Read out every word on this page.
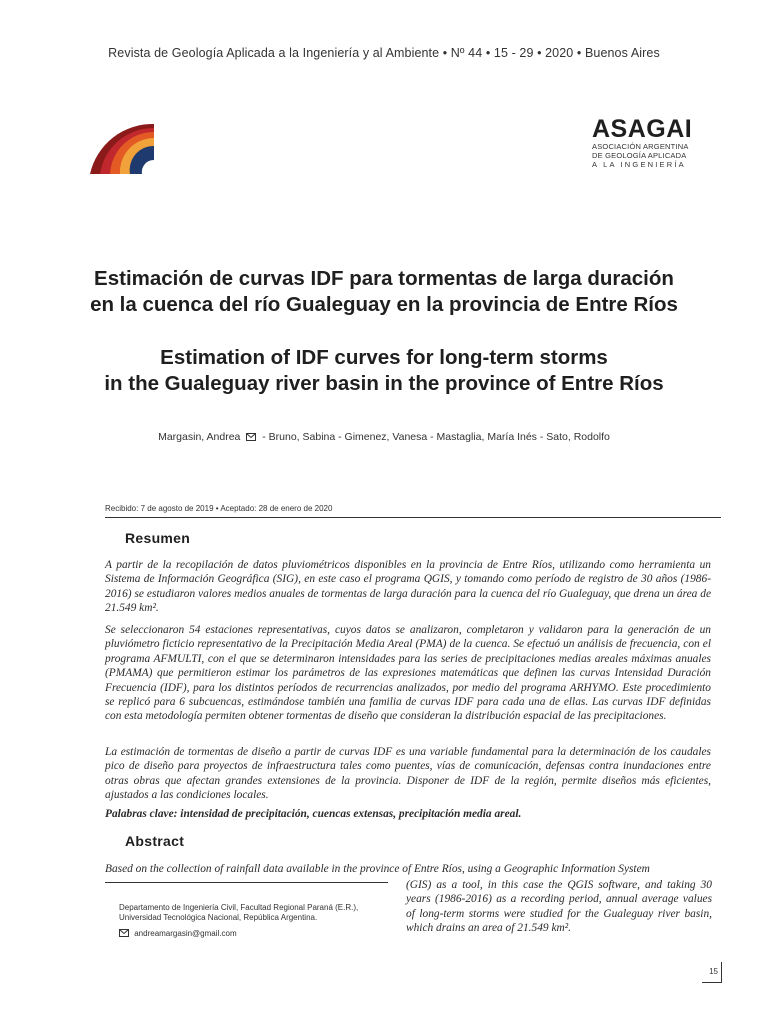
Revista de Geología Aplicada a la Ingeniería y al Ambiente • Nº 44 • 15 - 29 • 2020 • Buenos Aires
ASAGAI
ASOCIACIÓN ARGENTINA
DE GEOLOGÍA APLICADA
A LA INGENIERÍA
Estimación de curvas IDF para tormentas de larga duración
en la cuenca del río Gualeguay en la provincia de Entre Ríos
Estimation of IDF curves for long-term storms
in the Gualeguay river basin in the province of Entre Ríos
Margasin, Andrea - Bruno, Sabina - Gimenez, Vanesa - Mastaglia, María Inés - Sato, Rodolfo
Recibido: 7 de agosto de 2019 • Aceptado: 28 de enero de 2020
Resumen

A partir de la recopilación de datos pluviométricos disponibles en la provincia de Entre Ríos, utilizando como herramienta un Sistema de Información Geográfica (SIG), en este caso el programa QGIS, y tomando como período de registro de 30 años (1986-2016) se estudiaron valores medios anuales de tormentas de larga duración para la cuenca del río Gualeguay, que drena un área de 21.549 km².

Se seleccionaron 54 estaciones representativas, cuyos datos se analizaron, completaron y validaron para la generación de un pluviómetro ficticio representativo de la Precipitación Media Areal (PMA) de la cuenca. Se efectuó un análisis de frecuencia, con el programa AFMULTI, con el que se determinaron intensidades para las series de precipitaciones medias areales máximas anuales (PMAMA) que permitieron estimar los parámetros de las expresiones matemáticas que definen las curvas Intensidad Duración Frecuencia (IDF), para los distintos períodos de recurrencias analizados, por medio del programa ARHYMO. Este procedimiento se replicó para 6 subcuencas, estimándose también una familia de curvas IDF para cada una de ellas. Las curvas IDF definidas con esta metodología permiten obtener tormentas de diseño que consideran la distribución espacial de las precipitaciones.

La estimación de tormentas de diseño a partir de curvas IDF es una variable fundamental para la determinación de los caudales pico de diseño para proyectos de infraestructura tales como puentes, vías de comunicación, defensas contra inundaciones entre otras obras que afectan grandes extensiones de la provincia. Disponer de IDF de la región, permite diseños más eficientes, ajustados a las condiciones locales.

Palabras clave: intensidad de precipitación, cuencas extensas, precipitación media areal.
Abstract
Based on the collection of rainfall data available in the province of Entre Ríos, using a Geographic Information System

(GIS) as a tool, in this case the QGIS software, and taking 30 years (1986-2016) as a recording period, annual average values of long-term storms were studied for the Gualeguay river basin, which drains an area of 21.549 km².

Departamento de Ingeniería Civil, Facultad Regional Paraná (E.R.), Universidad Tecnológica Nacional, República Argentina.
andreamargasin@gmail.com
15
